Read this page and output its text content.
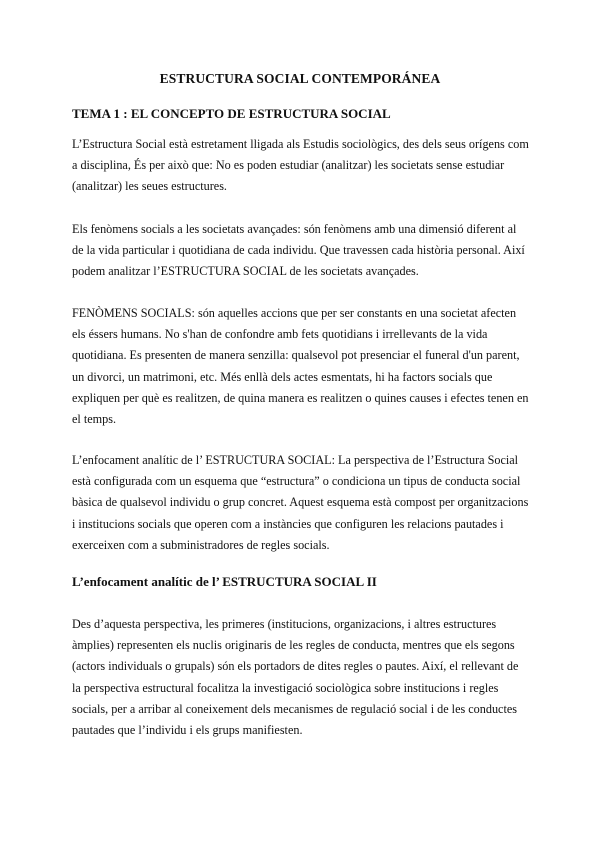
ESTRUCTURA SOCIAL CONTEMPORÁNEA
TEMA 1 : EL CONCEPTO DE ESTRUCTURA SOCIAL

L’Estructura Social està estretament lligada als Estudis sociològics, des dels seus orígens com
a disciplina, És per això que: No es poden estudiar (analitzar) les societats sense estudiar
(analitzar) les seues estructures.

Els fenòmens socials a les societats avançades: són fenòmens amb una dimensió diferent al
de la vida particular i quotidiana de cada individu. Que travessen cada història personal. Així
podem analitzar l’ESTRUCTURA SOCIAL de les societats avançades.

FENÒMENS SOCIALS: són aquelles accions que per ser constants en una societat afecten
els éssers humans. No s'han de confondre amb fets quotidians i irrellevants de la vida
quotidiana. Es presenten de manera senzilla: qualsevol pot presenciar el funeral d'un parent,
un divorci, un matrimoni, etc. Més enllà dels actes esmentats, hi ha factors socials que
expliquen per què es realitzen, de quina manera es realitzen o quines causes i efectes tenen en
el temps.

L’enfocament analític de l’ ESTRUCTURA SOCIAL: La perspectiva de l’Estructura Social
està configurada com un esquema que “estructura” o condiciona un tipus de conducta social
bàsica de qualsevol individu o grup concret. Aquest esquema està compost per organitzacions
i institucions socials que operen com a instàncies que configuren les relacions pautades i
exerceixen com a subministradores de regles socials.

L’enfocament analític de l’ ESTRUCTURA SOCIAL II

Des d’aquesta perspectiva, les primeres (institucions, organizacions, i altres estructures
àmplies) representen els nuclis originaris de les regles de conducta, mentres que els segons
(actors individuals o grupals) són els portadors de dites regles o pautes. Així, el rellevant de
la perspectiva estructural focalitza la investigació sociològica sobre institucions i regles
socials, per a arribar al coneixement dels mecanismes de regulació social i de les conductes
pautades que l’individu i els grups manifiesten.
